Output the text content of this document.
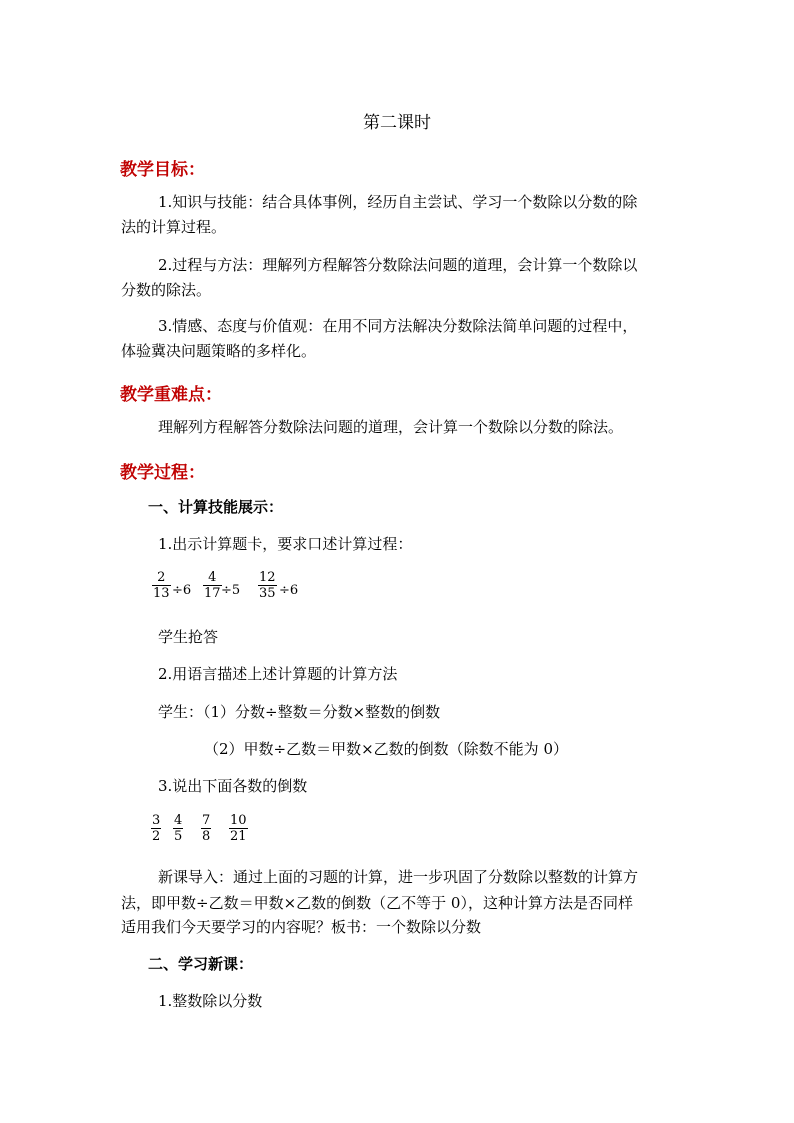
第二课时
教学目标：
1.知识与技能：结合具体事例，经历自主尝试、学习一个数除以分数的除
法的计算过程。
2.过程与方法：理解列方程解答分数除法问题的道理，会计算一个数除以
分数的除法。
3.情感、态度与价值观：在用不同方法解决分数除法简单问题的过程中，
体验冀决问题策略的多样化。
教学重难点：
理解列方程解答分数除法问题的道理，会计算一个数除以分数的除法。
教学过程：
一、计算技能展示：
1.出示计算题卡，要求口述计算过程：
$\frac{2}{13} \div 6 \frac{4}{17} \div 5 \frac{12}{35} \div 6$
学生抢答
2.用语言描述上述计算题的计算方法
学生：（1）分数÷整数＝分数×整数的倒数
（2）甲数÷乙数＝甲数×乙数的倒数（除数不能为 0）
3.说出下面各数的倒数
$\frac{3}{2} \frac{4}{5} \frac{7}{8} \frac{10}{21}$
新课导入：通过上面的习题的计算，进一步巩固了分数除以整数的计算方
法，即甲数÷乙数＝甲数×乙数的倒数（乙不等于 0），这种计算方法是否同样
适用我们今天要学习的内容呢？板书：一个数除以分数
二、学习新课：
1.整数除以分数
